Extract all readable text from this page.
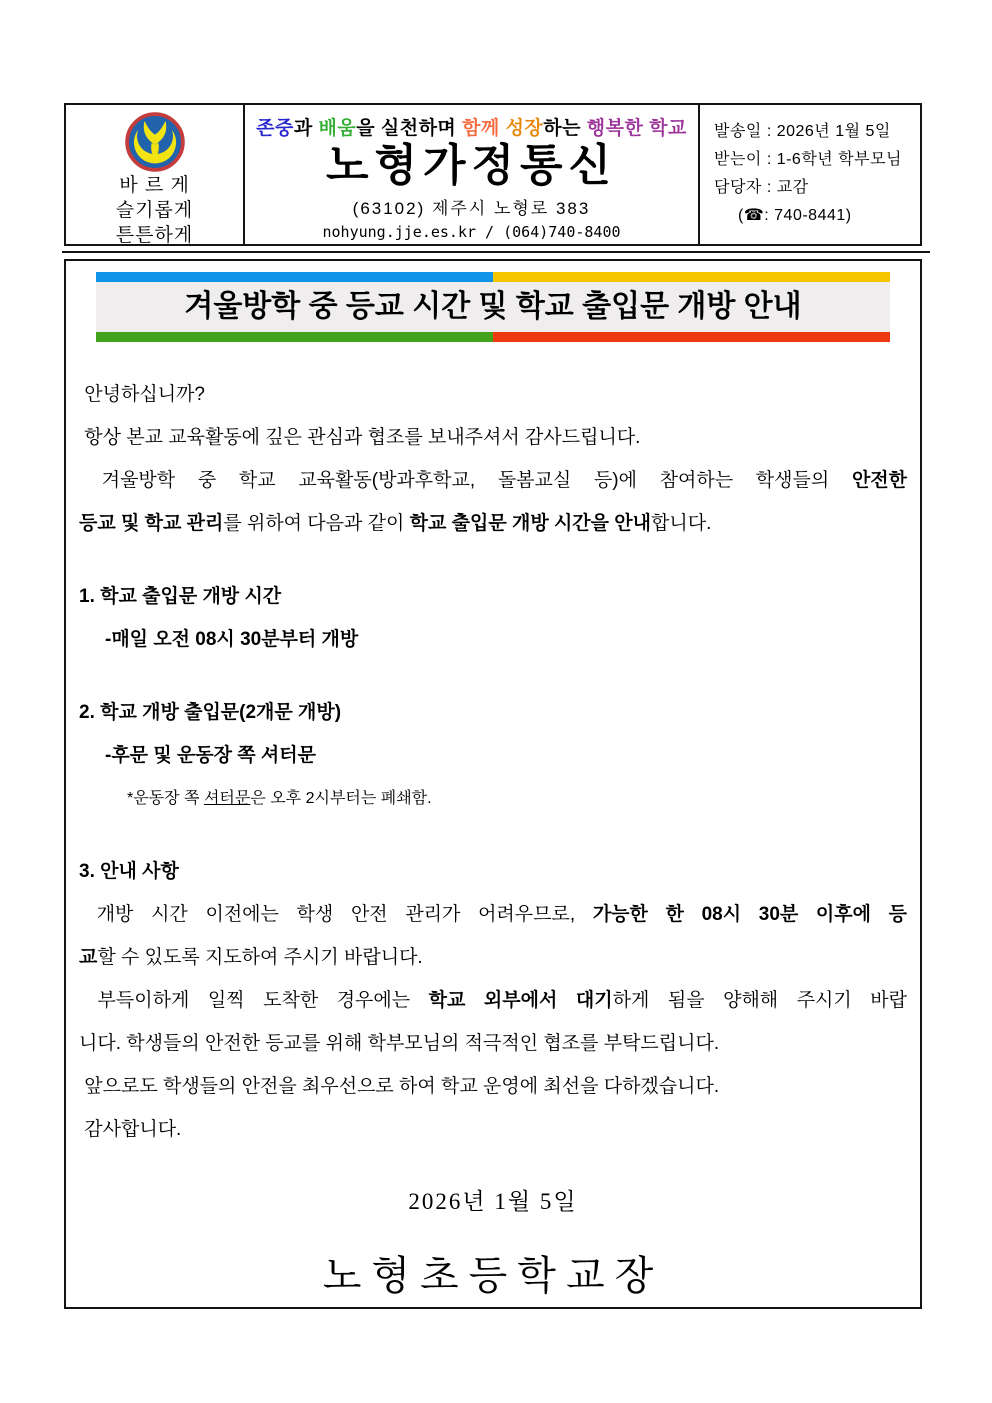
바 르 게
슬기롭게
튼튼하게
존중과 배움을 실천하며 함께 성장하는 행복한 학교
노형가정통신
(63102) 제주시 노형로 383
nohyung.jje.es.kr / (064)740-8400
발송일 : 2026년 1월 5일
받는이 : 1-6학년 학부모님
담당자 : 교감
(☎: 740-8441)
겨울방학 중 등교 시간 및 학교 출입문 개방 안내
안녕하십니까?
항상 본교 교육활동에 깊은 관심과 협조를 보내주셔서 감사드립니다.
겨울방학 중 학교 교육활동(방과후학교, 돌봄교실 등)에 참여하는 학생들의 안전한
등교 및 학교 관리를 위하여 다음과 같이 학교 출입문 개방 시간을 안내합니다.
1. 학교 출입문 개방 시간
-매일 오전 08시 30분부터 개방
2. 학교 개방 출입문(2개문 개방)
-후문 및 운동장 쪽 셔터문
*운동장 쪽 셔터문은 오후 2시부터는 폐쇄함.
3. 안내 사항
개방 시간 이전에는 학생 안전 관리가 어려우므로, 가능한 한 08시 30분 이후에 등
교할 수 있도록 지도하여 주시기 바랍니다.
부득이하게 일찍 도착한 경우에는 학교 외부에서 대기하게 됨을 양해해 주시기 바랍
니다. 학생들의 안전한 등교를 위해 학부모님의 적극적인 협조를 부탁드립니다.
앞으로도 학생들의 안전을 최우선으로 하여 학교 운영에 최선을 다하겠습니다.
감사합니다.
2026년 1월 5일
노형초등학교장
